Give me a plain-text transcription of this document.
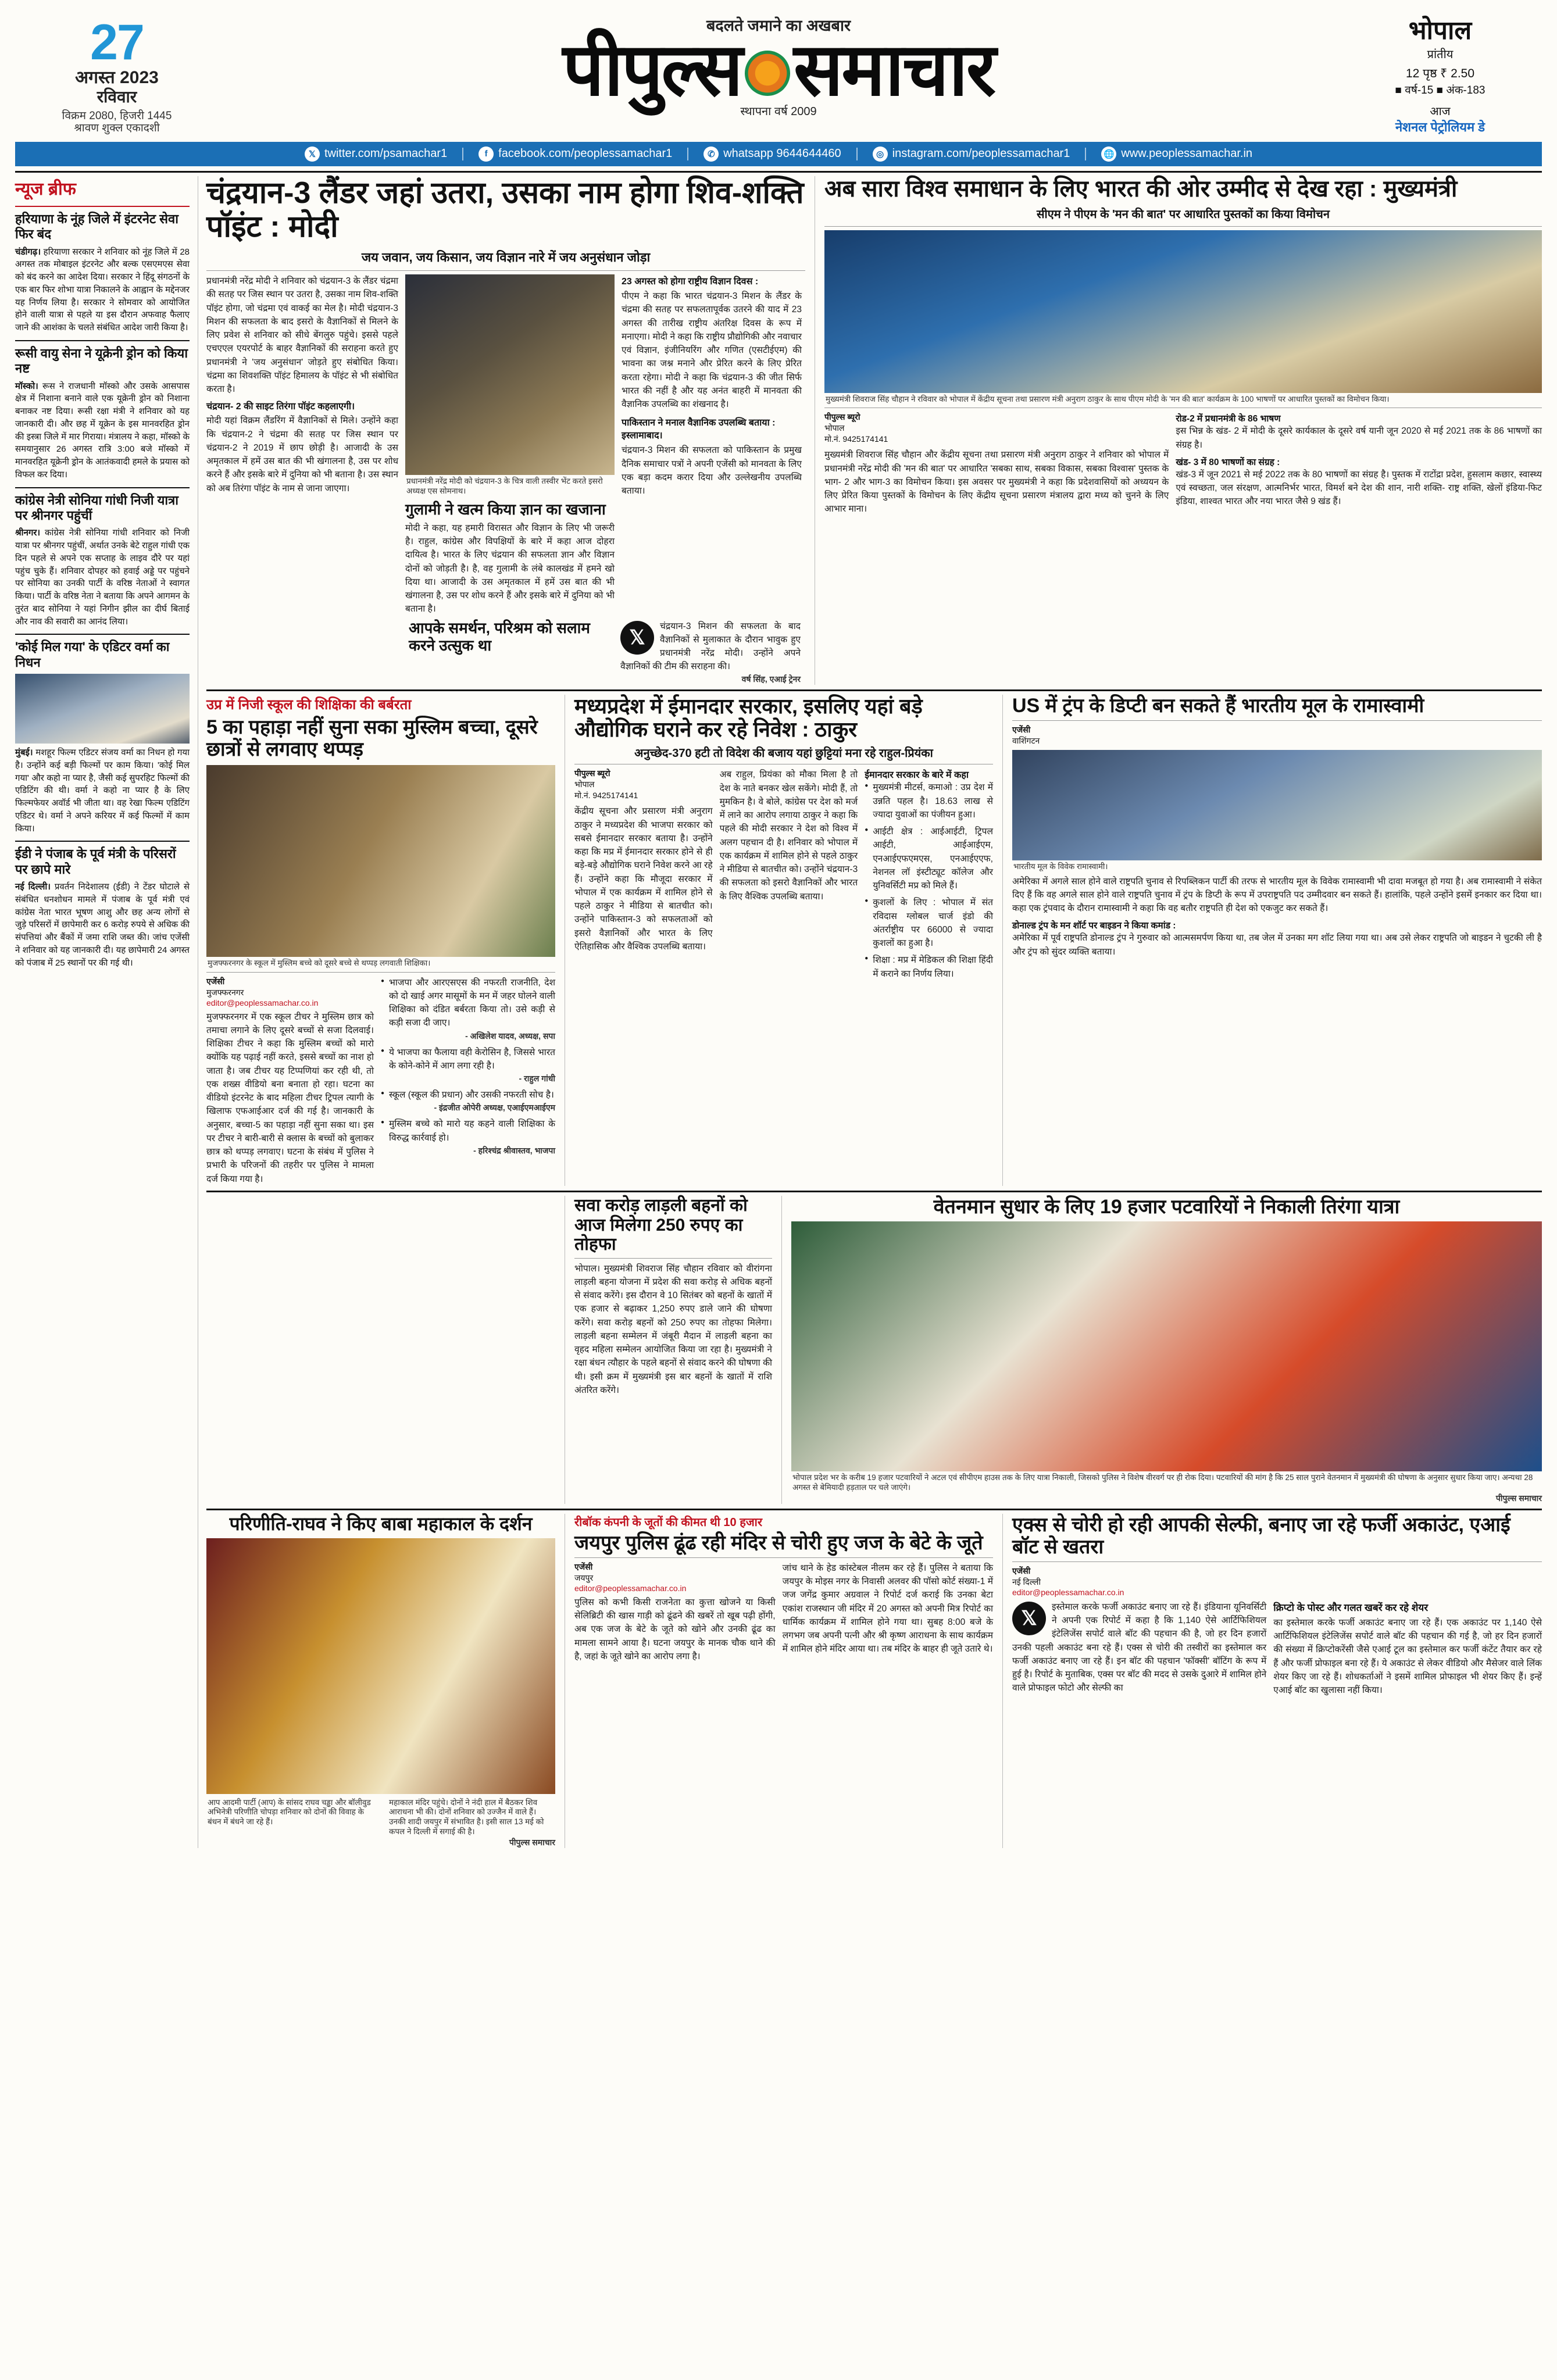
27
अगस्त 2023
रविवार
विक्रम 2080, हिजरी 1445
श्रावण शुक्ल एकादशी
बदलते जमाने का अखबार
पीपुल्स समाचार
स्थापना वर्ष 2009
भोपाल
प्रांतीय
12 पृष्ठ ₹ 2.50
■ वर्ष-15 ■ अंक-183
आज
नेशनल पेट्रोलियम डे
𝕏 twitter.com/psamachar1	f facebook.com/peoplessamachar1	✆ whatsapp 9644644460	◎ instagram.com/peoplessamachar1	🌐 www.peoplessamachar.in
न्यूज ब्रीफ
हरियाणा के नूंह जिले में इंटरनेट सेवा फिर बंद
चंडीगढ़। हरियाणा सरकार ने शनिवार को नूंह जिले में 28 अगस्त तक मोबाइल इंटरनेट और बल्क एसएमएस सेवा को बंद करने का आदेश दिया। सरकार ने हिंदू संगठनों के एक बार फिर शोभा यात्रा निकालने के आह्वान के मद्देनजर यह निर्णय लिया है। सरकार ने सोमवार को आयोजित होने वाली यात्रा से पहले या इस दौरान अफवाह फैलाए जाने की आशंका के चलते संबंधित आदेश जारी किया है।
रूसी वायु सेना ने यूक्रेनी ड्रोन को किया नष्ट
मॉस्को। रूस ने राजधानी मॉस्को और उसके आसपास क्षेत्र में निशाना बनाने वाले एक यूक्रेनी ड्रोन को निशाना बनाकर नष्ट दिया। रूसी रक्षा मंत्री ने शनिवार को यह जानकारी दी। और छह में यूक्रेन के इस मानवरहित ड्रोन की इस्त्रा जिले में मार गिराया। मंत्रालय ने कहा, मॉस्को के समयानुसार 26 अगस्त रात्रि 3:00 बजे मॉस्को में मानवरहित यूक्रेनी ड्रोन के आतंकवादी हमले के प्रयास को विफल कर दिया।
कांग्रेस नेत्री सोनिया गांधी निजी यात्रा पर श्रीनगर पहुंचीं
श्रीनगर। कांग्रेस नेत्री सोनिया गांधी शनिवार को निजी यात्रा पर श्रीनगर पहुंचीं, अर्थात उनके बेटे राहुल गांधी एक दिन पहले से अपने एक सप्ताह के लाइव दौरे पर यहां पहुंच चुके हैं। शनिवार दोपहर को हवाई अड्डे पर पहुंचने पर सोनिया का उनकी पार्टी के वरिष्ठ नेताओं ने स्वागत किया। पार्टी के वरिष्ठ नेता ने बताया कि अपने आगमन के तुरंत बाद सोनिया ने यहां निगीन झील का दीर्घ बिताई और नाव की सवारी का आनंद लिया।
'कोई मिल गया' के एडिटर वर्मा का निधन
मुंबई। मशहूर फिल्म एडिटर संजय वर्मा का निधन हो गया है। उन्होंने कई बड़ी फिल्मों पर काम किया। 'कोई मिल गया' और कहो ना प्यार है, जैसी कई सुपरहिट फिल्मों की एडिटिंग की थी। वर्मा ने कहो ना प्यार है के लिए फिल्मफेयर अवॉर्ड भी जीता था। वह रेखा फिल्म एडिटिंग एडिटर थे। वर्मा ने अपने करियर में कई फिल्मों में काम किया।
ईडी ने पंजाब के पूर्व मंत्री के परिसरों पर छापे मारे
नई दिल्ली। प्रवर्तन निदेशालय (ईडी) ने टेंडर घोटाले से संबंधित धनशोधन मामले में पंजाब के पूर्व मंत्री एवं कांग्रेस नेता भारत भूषण आशु और छह अन्य लोगों से जुड़े परिसरों में छापेमारी कर 6 करोड़ रुपये से अधिक की संपत्तियां और बैंकों में जमा राशि जब्त की। जांच एजेंसी ने शनिवार को यह जानकारी दी। यह छापेमारी 24 अगस्त को पंजाब में 25 स्थानों पर की गई थी।
चंद्रयान-3 लैंडर जहां उतरा, उसका नाम होगा शिव-शक्ति पॉइंट : मोदी
जय जवान, जय किसान, जय विज्ञान नारे में जय अनुसंधान जोड़ा
प्रधानमंत्री नरेंद्र मोदी ने शनिवार को चंद्रयान-3 के लैंडर चंद्रमा की सतह पर जिस स्थान पर उतरा है, उसका नाम शिव-शक्ति पॉइंट होगा, जो चंद्रमा एवं वाकई का मेल है। मोदी चंद्रयान-3 मिशन की सफलता के बाद इसरो के वैज्ञानिकों से मिलने के लिए प्रवेश से शनिवार को सीधे बेंगलुरु पहुंचे। इससे पहले एचएएल एयरपोर्ट के बाहर वैज्ञानिकों की सराहना करते हुए प्रधानमंत्री ने 'जय अनुसंधान' जोड़ते हुए संबोधित किया। चंद्रमा का शिवशक्ति पॉइंट हिमालय के पॉइंट से भी संबोधित करता है।
चंद्रयान- 2 की साइट तिरंगा पॉइंट कहलाएगी।
मोदी यहां विक्रम लैंडरिंग में वैज्ञानिकों से मिले। उन्होंने कहा कि चंद्रयान-2 ने चंद्रमा की सतह पर जिस स्थान पर चंद्रयान-2 ने 2019 में छाप छोड़ी है। आजादी के उस अमृतकाल में हमें उस बात की भी खंगालना है, उस पर शोध करने हैं और इसके बारे में दुनिया को भी बताना है। उस स्थान को अब तिरंगा पॉइंट के नाम से जाना जाएगा।
प्रधानमंत्री नरेंद्र मोदी को चंद्रयान-3 के चित्र वाली तस्वीर भेंट करते इसरो अध्यक्ष एस सोमनाथ।
गुलामी ने खत्म किया ज्ञान का खजाना
मोदी ने कहा, यह हमारी विरासत और विज्ञान के लिए भी जरूरी है। राहुल, कांग्रेस और विपक्षियों के बारे में कहा आज दोहरा दायित्व है। भारत के लिए चंद्रयान की सफलता ज्ञान और विज्ञान दोनों को जोड़ती है। है, वह गुलामी के लंबे कालखंड में हमने खो दिया था। आजादी के उस अमृतकाल में हमें उस बात की भी खंगालना है, उस पर शोध करने हैं और इसके बारे में दुनिया को भी बताना है।
23 अगस्त को होगा राष्ट्रीय विज्ञान दिवस :
पीएम ने कहा कि भारत चंद्रयान-3 मिशन के लैंडर के चंद्रमा की सतह पर सफलतापूर्वक उतरने की याद में 23 अगस्त की तारीख राष्ट्रीय अंतरिक्ष दिवस के रूप में मनाएगा। मोदी ने कहा कि राष्ट्रीय प्रौद्योगिकी और नवाचार एवं विज्ञान, इंजीनियरिंग और गणित (एसटीईएम) की भावना का जश्न मनाने और प्रेरित करने के लिए प्रेरित करता रहेगा। मोदी ने कहा कि चंद्रयान-3 की जीत सिर्फ भारत की नहीं है और यह अनंत बाहरी में मानवता की वैज्ञानिक उपलब्धि का शंखनाद है।
पाकिस्तान ने मनाल वैज्ञानिक उपलब्धि बताया : इस्लामाबाद।
चंद्रयान-3 मिशन की सफलता को पाकिस्तान के प्रमुख दैनिक समाचार पत्रों ने अपनी एजेंसी को मानवता के लिए एक बड़ा कदम करार दिया और उल्लेखनीय उपलब्धि बताया।
आपके समर्थन, परिश्रम को सलाम करने उत्सुक था	𝕏
चंद्रयान-3 मिशन की सफलता के बाद वैज्ञानिकों से मुलाकात के दौरान भावुक हुए प्रधानमंत्री नरेंद्र मोदी। उन्होंने अपने वैज्ञानिकों की टीम की सराहना की।
वर्ष सिंह, एआई ट्रेनर
अब सारा विश्व समाधान के लिए भारत की ओर उम्मीद से देख रहा : मुख्यमंत्री
सीएम ने पीएम के 'मन की बात' पर आधारित पुस्तकों का किया विमोचन
मुख्यमंत्री शिवराज सिंह चौहान ने रविवार को भोपाल में केंद्रीय सूचना तथा प्रसारण मंत्री अनुराग ठाकुर के साथ पीएम मोदी के 'मन की बात' कार्यक्रम के 100 भाषणों पर आधारित पुस्तकों का विमोचन किया।
पीपुल्स ब्यूरो
भोपाल
मो.नं. 9425174141
मुख्यमंत्री शिवराज सिंह चौहान और केंद्रीय सूचना तथा प्रसारण मंत्री अनुराग ठाकुर ने शनिवार को भोपाल में प्रधानमंत्री नरेंद्र मोदी की 'मन की बात' पर आधारित 'सबका साथ, सबका विकास, सबका विश्वास' पुस्तक के भाग- 2 और भाग-3 का विमोचन किया। इस अवसर पर मुख्यमंत्री ने कहा कि प्रदेशवासियों को अध्ययन के लिए प्रेरित किया पुस्तकों के विमोचन के लिए केंद्रीय सूचना प्रसारण मंत्रालय द्वारा मध्य को चुनने के लिए आभार माना।
रोड-2 में प्रधानमंत्री के 86 भाषण
इस भिन्न के खंड- 2 में मोदी के दूसरे कार्यकाल के दूसरे वर्ष यानी जून 2020 से मई 2021 तक के 86 भाषणों का संग्रह है।
खंड- 3 में 80 भाषणों का संग्रह :
खंड-3 में जून 2021 से मई 2022 तक के 80 भाषणों का संग्रह है। पुस्तक में राटोंद्रा प्रदेश, हुसलाम कछार, स्वास्थ्य एवं स्वच्छता, जल संरक्षण, आत्मनिर्भर भारत, विमर्श बने देश की शान, नारी शक्ति- राष्ट्र शक्ति, खेलों इंडिया-फिट इंडिया, शाश्वत भारत और नया भारत जैसे 9 खंड हैं।
उप्र में निजी स्कूल की शिक्षिका की बर्बरता
5 का पहाड़ा नहीं सुना सका मुस्लिम बच्चा, दूसरे छात्रों से लगवाए थप्पड़
मुजफ्फरनगर के स्कूल में मुस्लिम बच्चे को दूसरे बच्चे से थप्पड़ लगवाती शिक्षिका।
एजेंसी
मुजफ्फरनगर
editor@peoplessamachar.co.in
मुजफ्फरनगर में एक स्कूल टीचर ने मुस्लिम छात्र को तमाचा लगाने के लिए दूसरे बच्चों से सजा दिलवाई। शिक्षिका टीचर ने कहा कि मुस्लिम बच्चों को मारो क्योंकि यह पढ़ाई नहीं करते, इससे बच्चों का नाश हो जाता है। जब टीचर यह टिप्पणियां कर रही थी, तो एक शख्स वीडियो बना बनाता हो रहा। घटना का वीडियो इंटरनेट के बाद महिला टीचर ट्रिपल त्यागी के खिलाफ एफआईआर दर्ज की गई है। जानकारी के अनुसार, बच्चा-5 का पहाड़ा नहीं सुना सका था। इस पर टीचर ने बारी-बारी से क्लास के बच्चों को बुलाकर छात्र को थप्पड़ लगवाए। घटना के संबंध में पुलिस ने प्रभारी के परिजनों की तहरीर पर पुलिस ने मामला दर्ज किया गया है।
● भाजपा और आरएसएस की नफरती राजनीति, देश को दो खाई अगर मासूमों के मन में जहर घोलने वाली शिक्षिका को दंडित बर्बरता किया तो। उसे कड़ी से कड़ी सजा दी जाए।
- अखिलेश यादव, अध्यक्ष, सपा
● ये भाजपा का फैलाया वही केरोसिन है, जिससे भारत के कोने-कोने में आग लगा रही है।
- राहुल गांधी
● स्कूल (स्कूल की प्रधान) और उसकी नफरती सोच है।
- इंद्रजीत ओपेरी अध्यक्ष, एआईएमआईएम
● मुस्लिम बच्चे को मारो यह कहने वाली शिक्षिका के विरुद्ध कार्रवाई हो।
- हरिश्चंद्र श्रीवास्तव, भाजपा
मध्यप्रदेश में ईमानदार सरकार, इसलिए यहां बड़े औद्योगिक घराने कर रहे निवेश : ठाकुर
अनुच्छेद-370 हटी तो विदेश की बजाय यहां छुट्टियां मना रहे राहुल-प्रियंका
पीपुल्स ब्यूरो
भोपाल
मो.नं. 9425174141
केंद्रीय सूचना और प्रसारण मंत्री अनुराग ठाकुर ने मध्यप्रदेश की भाजपा सरकार को सबसे ईमानदार सरकार बताया है। उन्होंने कहा कि मप्र में ईमानदार सरकार होने से ही बड़े-बड़े औद्योगिक घराने निवेश करने आ रहे हैं। उन्होंने कहा कि मौजूदा सरकार में भोपाल में एक कार्यक्रम में शामिल होने से पहले ठाकुर ने मीडिया से बातचीत को। उन्होंने पाकिस्तान-3 को सफलताओं को इसरो वैज्ञानिकों और भारत के लिए ऐतिहासिक और वैश्विक उपलब्धि बताया।
अब राहुल, प्रियंका को मौका मिला है तो देश के नाते बनकर खेल सकेंगे। मोदी हैं, तो मुमकिन है। वे बोले, कांग्रेस पर देश को मर्ज में लाने का आरोप लगाया ठाकुर ने कहा कि पहले की मोदी सरकार ने देश को विश्व में अलग पहचान दी है। शनिवार को भोपाल में एक कार्यक्रम में शामिल होने से पहले ठाकुर ने मीडिया से बातचीत को। उन्होंने चंद्रयान-3 की सफलता को इसरो वैज्ञानिकों और भारत के लिए वैश्विक उपलब्धि बताया।
ईमानदार सरकार के बारे में कहा
● मुख्यमंत्री मीटर्स, कमाओ : उप्र देश में उन्नति पहल है। 18.63 लाख से ज्यादा युवाओं का पंजीयन हुआ।
● आईटी क्षेत्र : आईआईटी, ट्रिपल आईटी, आईआईएम, एनआईएफएमएस, एनआईएएफ, नेशनल लॉ इंस्टीट्यूट कॉलेज और युनिवर्सिटी मप्र को मिले हैं।
● कुशलों के लिए : भोपाल में संत रविदास ग्लोबल चार्ज इंडो की अंतर्राष्ट्रीय पर 66000 से ज्यादा कुशलों का हुआ है।
● शिक्षा : मप्र में मेडिकल की शिक्षा हिंदी में कराने का निर्णय लिया।
US में ट्रंप के डिप्टी बन सकते हैं भारतीय मूल के रामास्वामी
एजेंसी
वाशिंगटन
भारतीय मूल के विवेक रामास्वामी।
अमेरिका में अगले साल होने वाले राष्ट्रपति चुनाव से रिपब्लिकन पार्टी की तरफ से भारतीय मूल के विवेक रामास्वामी भी दावा मजबूत हो गया है। अब रामास्वामी ने संकेत दिए हैं कि वह अगले साल होने वाले राष्ट्रपति चुनाव में ट्रंप के डिप्टी के रूप में उपराष्ट्रपति पद उम्मीदवार बन सकते हैं। हालांकि, पहले उन्होंने इसमें इनकार कर दिया था। कहा एक ट्रंपवाद के दौरान रामास्वामी ने कहा कि वह बतौर राष्ट्रपति ही देश को एकजुट कर सकते हैं।
डोनाल्ड ट्रंप के मन शॉर्ट पर बाइडन ने किया कमांड :
अमेरिका में पूर्व राष्ट्रपति डोनाल्ड ट्रंप ने गुरुवार को आत्मसमर्पण किया था, तब जेल में उनका मग शॉट लिया गया था। अब उसे लेकर राष्ट्रपति जो बाइडन ने चुटकी ली है और ट्रंप को सुंदर व्यक्ति बताया।
सवा करोड़ लाड़ली बहनों को आज मिलेगा 250 रुपए का तोहफा
भोपाल। मुख्यमंत्री शिवराज सिंह चौहान रविवार को वीरांगना लाड़ली बहना योजना में प्रदेश की सवा करोड़ से अधिक बहनों से संवाद करेंगे। इस दौरान वे 10 सितंबर को बहनों के खातों में एक हजार से बढ़ाकर 1,250 रुपए डाले जाने की घोषणा करेंगे। सवा करोड़ बहनों को 250 रुपए का तोहफा मिलेगा। लाड़ली बहना सम्मेलन में जंबूरी मैदान में लाड़ली बहना का वृहद महिला सम्मेलन आयोजित किया जा रहा है। मुख्यमंत्री ने रक्षा बंधन त्यौहार के पहले बहनों से संवाद करने की घोषणा की थी। इसी क्रम में मुख्यमंत्री इस बार बहनों के खातों में राशि अंतरित करेंगे।
वेतनमान सुधार के लिए 19 हजार पटवारियों ने निकाली तिरंगा यात्रा
भोपाल प्रदेश भर के करीब 19 हजार पटवारियों ने अटल एवं सीपीएम हाउस तक के लिए यात्रा निकाली, जिसको पुलिस ने विशेष वीरवर्ग पर ही रोक दिया। पटवारियों की मांग है कि 25 साल पुराने वेतनमान में मुख्यमंत्री की घोषणा के अनुसार सुधार किया जाए। अन्यथा 28 अगस्त से बेमियादी हड़ताल पर चले जाएंगे।
पीपुल्स समाचार
परिणीति-राघव ने किए बाबा महाकाल के दर्शन
आप आदमी पार्टी (आप) के सांसद राघव चड्ढा और बॉलीवुड अभिनेत्री परिणीति चोपड़ा शनिवार को दोनों की विवाह के बंधन में बंधने जा रहे हैं।
महाकाल मंदिर पहुंचे। दोनों ने नंदी हाल में बैठकर शिव आराधना भी की। दोनों शनिवार को उज्जैन में वाले हैं। उनकी शादी जयपुर में संभावित है। इसी साल 13 मई को कपल ने दिल्ली में सगाई की है।
पीपुल्स समाचार
रीबॉक कंपनी के जूतों की कीमत थी 10 हजार
जयपुर पुलिस ढूंढ रही मंदिर से चोरी हुए जज के बेटे के जूते
एजेंसी
जयपुर
editor@peoplessamachar.co.in
पुलिस को कभी किसी राजनेता का कुत्ता खोजने या किसी सेलिब्रिटी की खास गाड़ी को ढूंढने की खबरें तो खूब पढ़ी होंगी, अब एक जज के बेटे के जूते को खोने और उनकी ढूंढ का मामला सामने आया है। घटना जयपुर के मानक चौक थाने की है, जहां के जूते खोने का आरोप लगा है।
जांच थाने के हेड कांस्टेबल नीलम कर रहे हैं। पुलिस ने बताया कि जयपुर के मोइस नगर के निवासी अलवर की पॉसो कोर्ट संख्या-1 में जज जगेंद्र कुमार अग्रवाल ने रिपोर्ट दर्ज कराई कि उनका बेटा एकांश राजस्थान जी मंदिर में 20 अगस्त को अपनी मित्र रिपोर्ट का धार्मिक कार्यक्रम में शामिल होने गया था। सुबह 8:00 बजे के लगभग जब अपनी पत्नी और श्री कृष्ण आराधना के साथ कार्यक्रम में शामिल होने मंदिर आया था। तब मंदिर के बाहर ही जूते उतारे थे।
एक्स से चोरी हो रही आपकी सेल्फी, बनाए जा रहे फर्जी अकाउंट, एआई बॉट से खतरा
एजेंसी
नई दिल्ली
editor@peoplessamachar.co.in
𝕏
इस्तेमाल करके फर्जी अकाउंट बनाए जा रहे हैं। इंडियाना यूनिवर्सिटी ने अपनी एक रिपोर्ट में कहा है कि 1,140 ऐसे आर्टिफिशियल इंटेलिजेंस सपोर्ट वाले बॉट की पहचान की है, जो हर दिन हजारों उनकी पहली अकाउंट बना रहे हैं। एक्स से चोरी की तस्वीरों का इस्तेमाल कर फर्जी अकाउंट बनाए जा रहे हैं। इन बॉट की पहचान 'फॉक्सी' बॉटिंग के रूप में हुई है। रिपोर्ट के मुताबिक, एक्स पर बॉट की मदद से उसके दुआरे में शामिल होने वाले प्रोफाइल फोटो और सेल्फी का
क्रिप्टो के पोस्ट और गलत खबरें कर रहे शेयर
का इस्तेमाल करके फर्जी अकाउंट बनाए जा रहे हैं। एक अकाउंट पर 1,140 ऐसे आर्टिफिशियल इंटेलिजेंस सपोर्ट वाले बॉट की पहचान की गई है, जो हर दिन हजारों की संख्या में क्रिप्टोकरेंसी जैसे एआई टूल का इस्तेमाल कर फर्जी कंटेंट तैयार कर रहे हैं और फर्जी प्रोफाइल बना रहे हैं। ये अकाउंट से लेकर वीडियो और मैसेजर वाले लिंक शेयर किए जा रहे हैं। शोधकर्ताओं ने इसमें शामिल प्रोफाइल भी शेयर किए हैं। इन्हें एआई बॉट का खुलासा नहीं किया।
